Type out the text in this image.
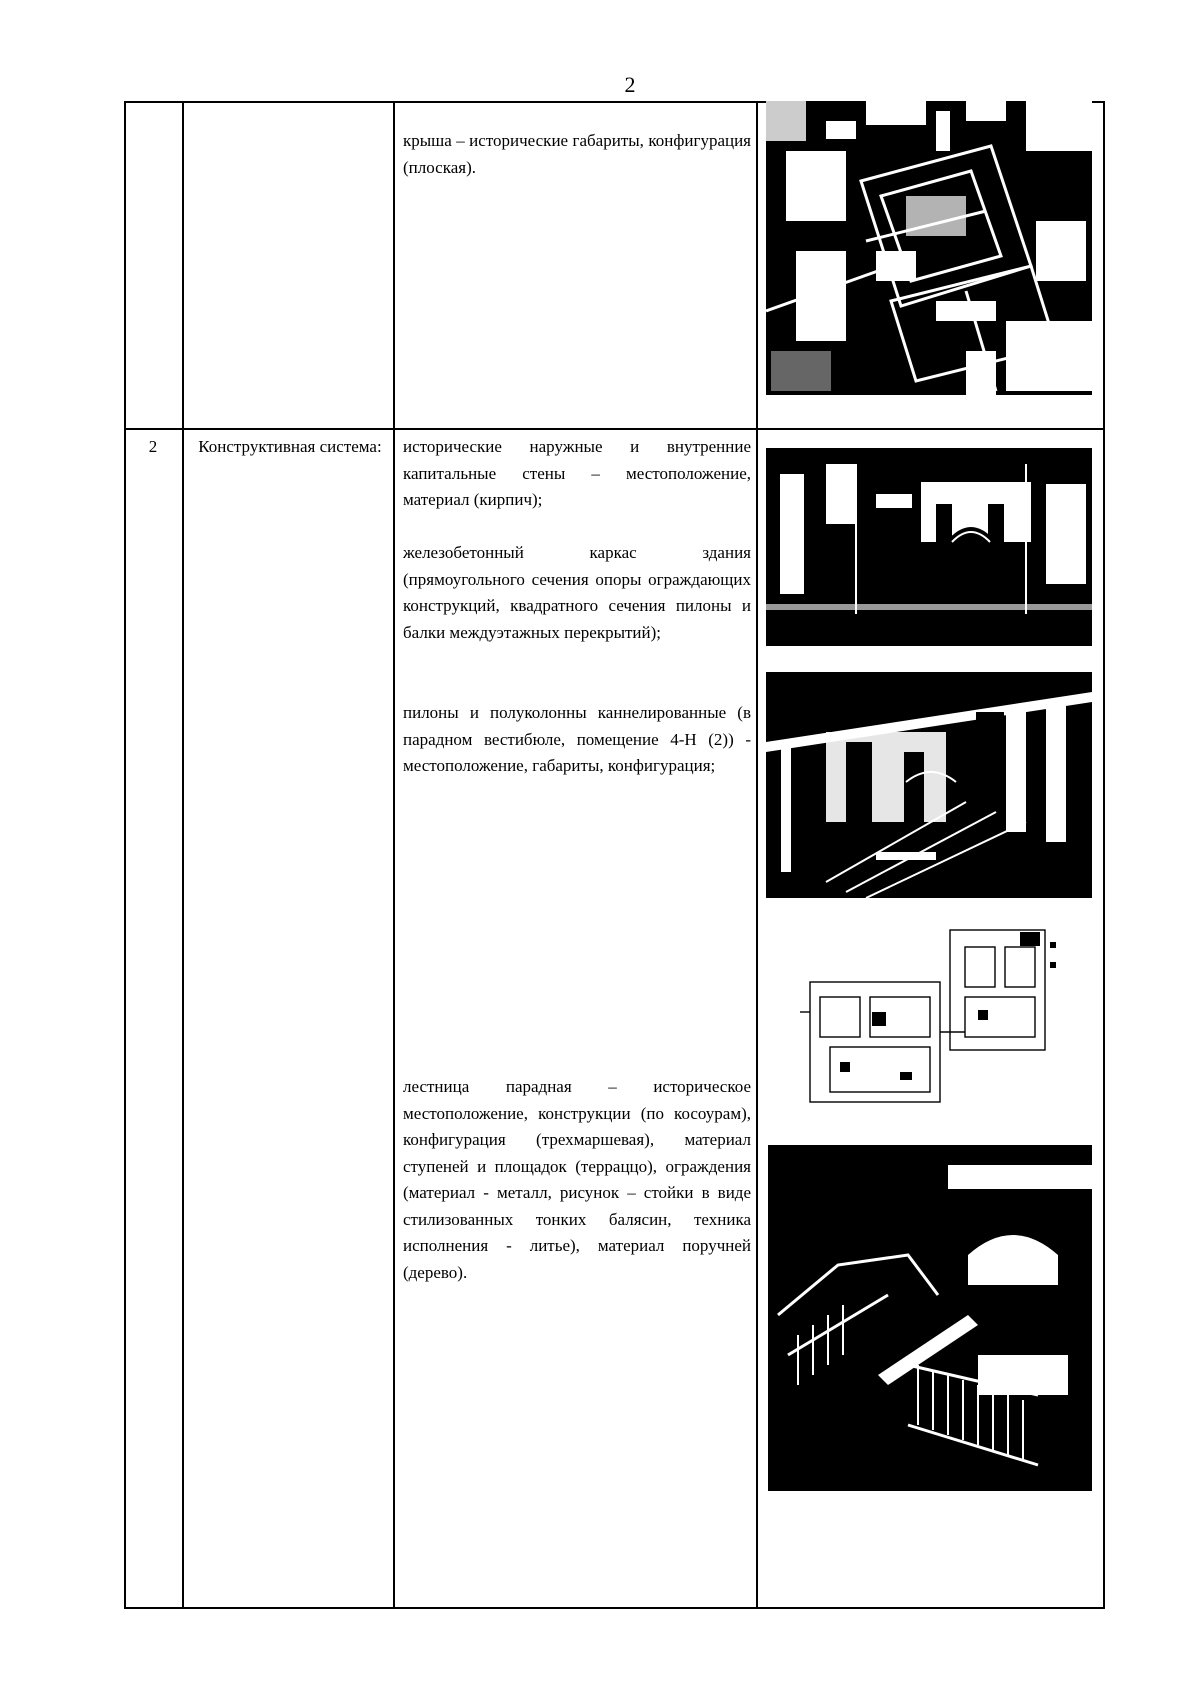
2

крыша – исторические габариты, конфигурация (плоская).

2	Конструктивная система:	исторические наружные и внутренние капитальные стены – местоположение, материал (кирпич);

железобетонный каркас здания (прямоугольного сечения опоры ограждающих конструкций, квадратного сечения пилоны и балки междуэтажных перекрытий);

пилоны и полуколонны каннелированные (в парадном вестибюле, помещение 4-Н (2)) - местоположение, габариты, конфигурация;

лестница парадная – историческое местоположение, конструкции (по косоурам), конфигурация (трехмаршевая), материал ступеней и площадок (терраццо), ограждения (материал - металл, рисунок – стойки в виде стилизованных тонких балясин, техника исполнения - литье), материал поручней (дерево).
